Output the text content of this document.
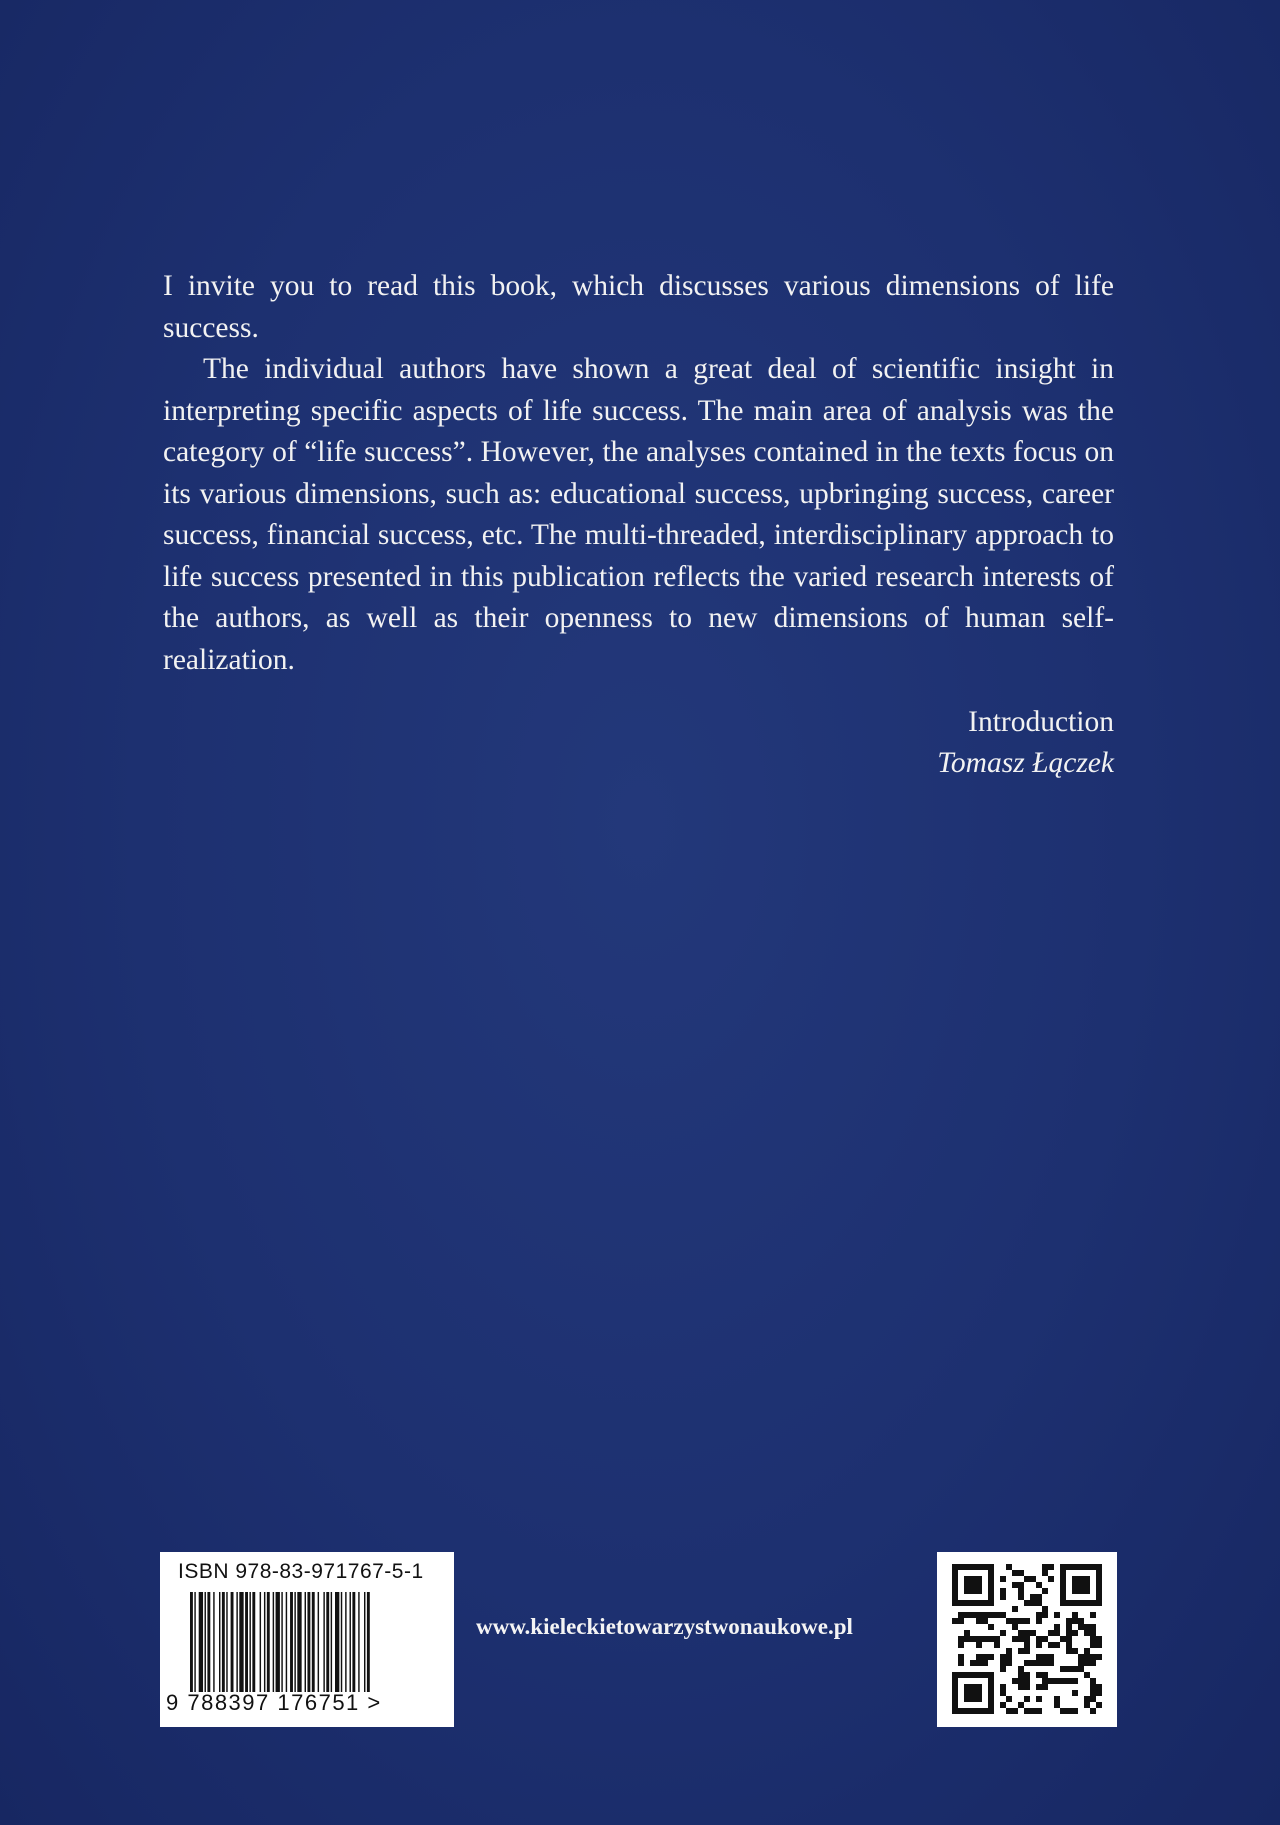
I invite you to read this book, which discusses various dimensions of life success.

The individual authors have shown a great deal of scientific insight in interpreting specific aspects of life success. The main area of analysis was the category of “life success”. However, the analyses contained in the texts focus on its various dimensions, such as: educational success, upbringing success, career success, financial success, etc. The multi-threaded, interdisciplinary approach to life success presented in this publication reflects the varied research interests of the authors, as well as their openness to new dimensions of human self-realization.

Introduction
Tomasz Łączek
ISBN 978-83-971767-5-1
9 788397 176751 >
www.kieleckietowarzystwonaukowe.pl
